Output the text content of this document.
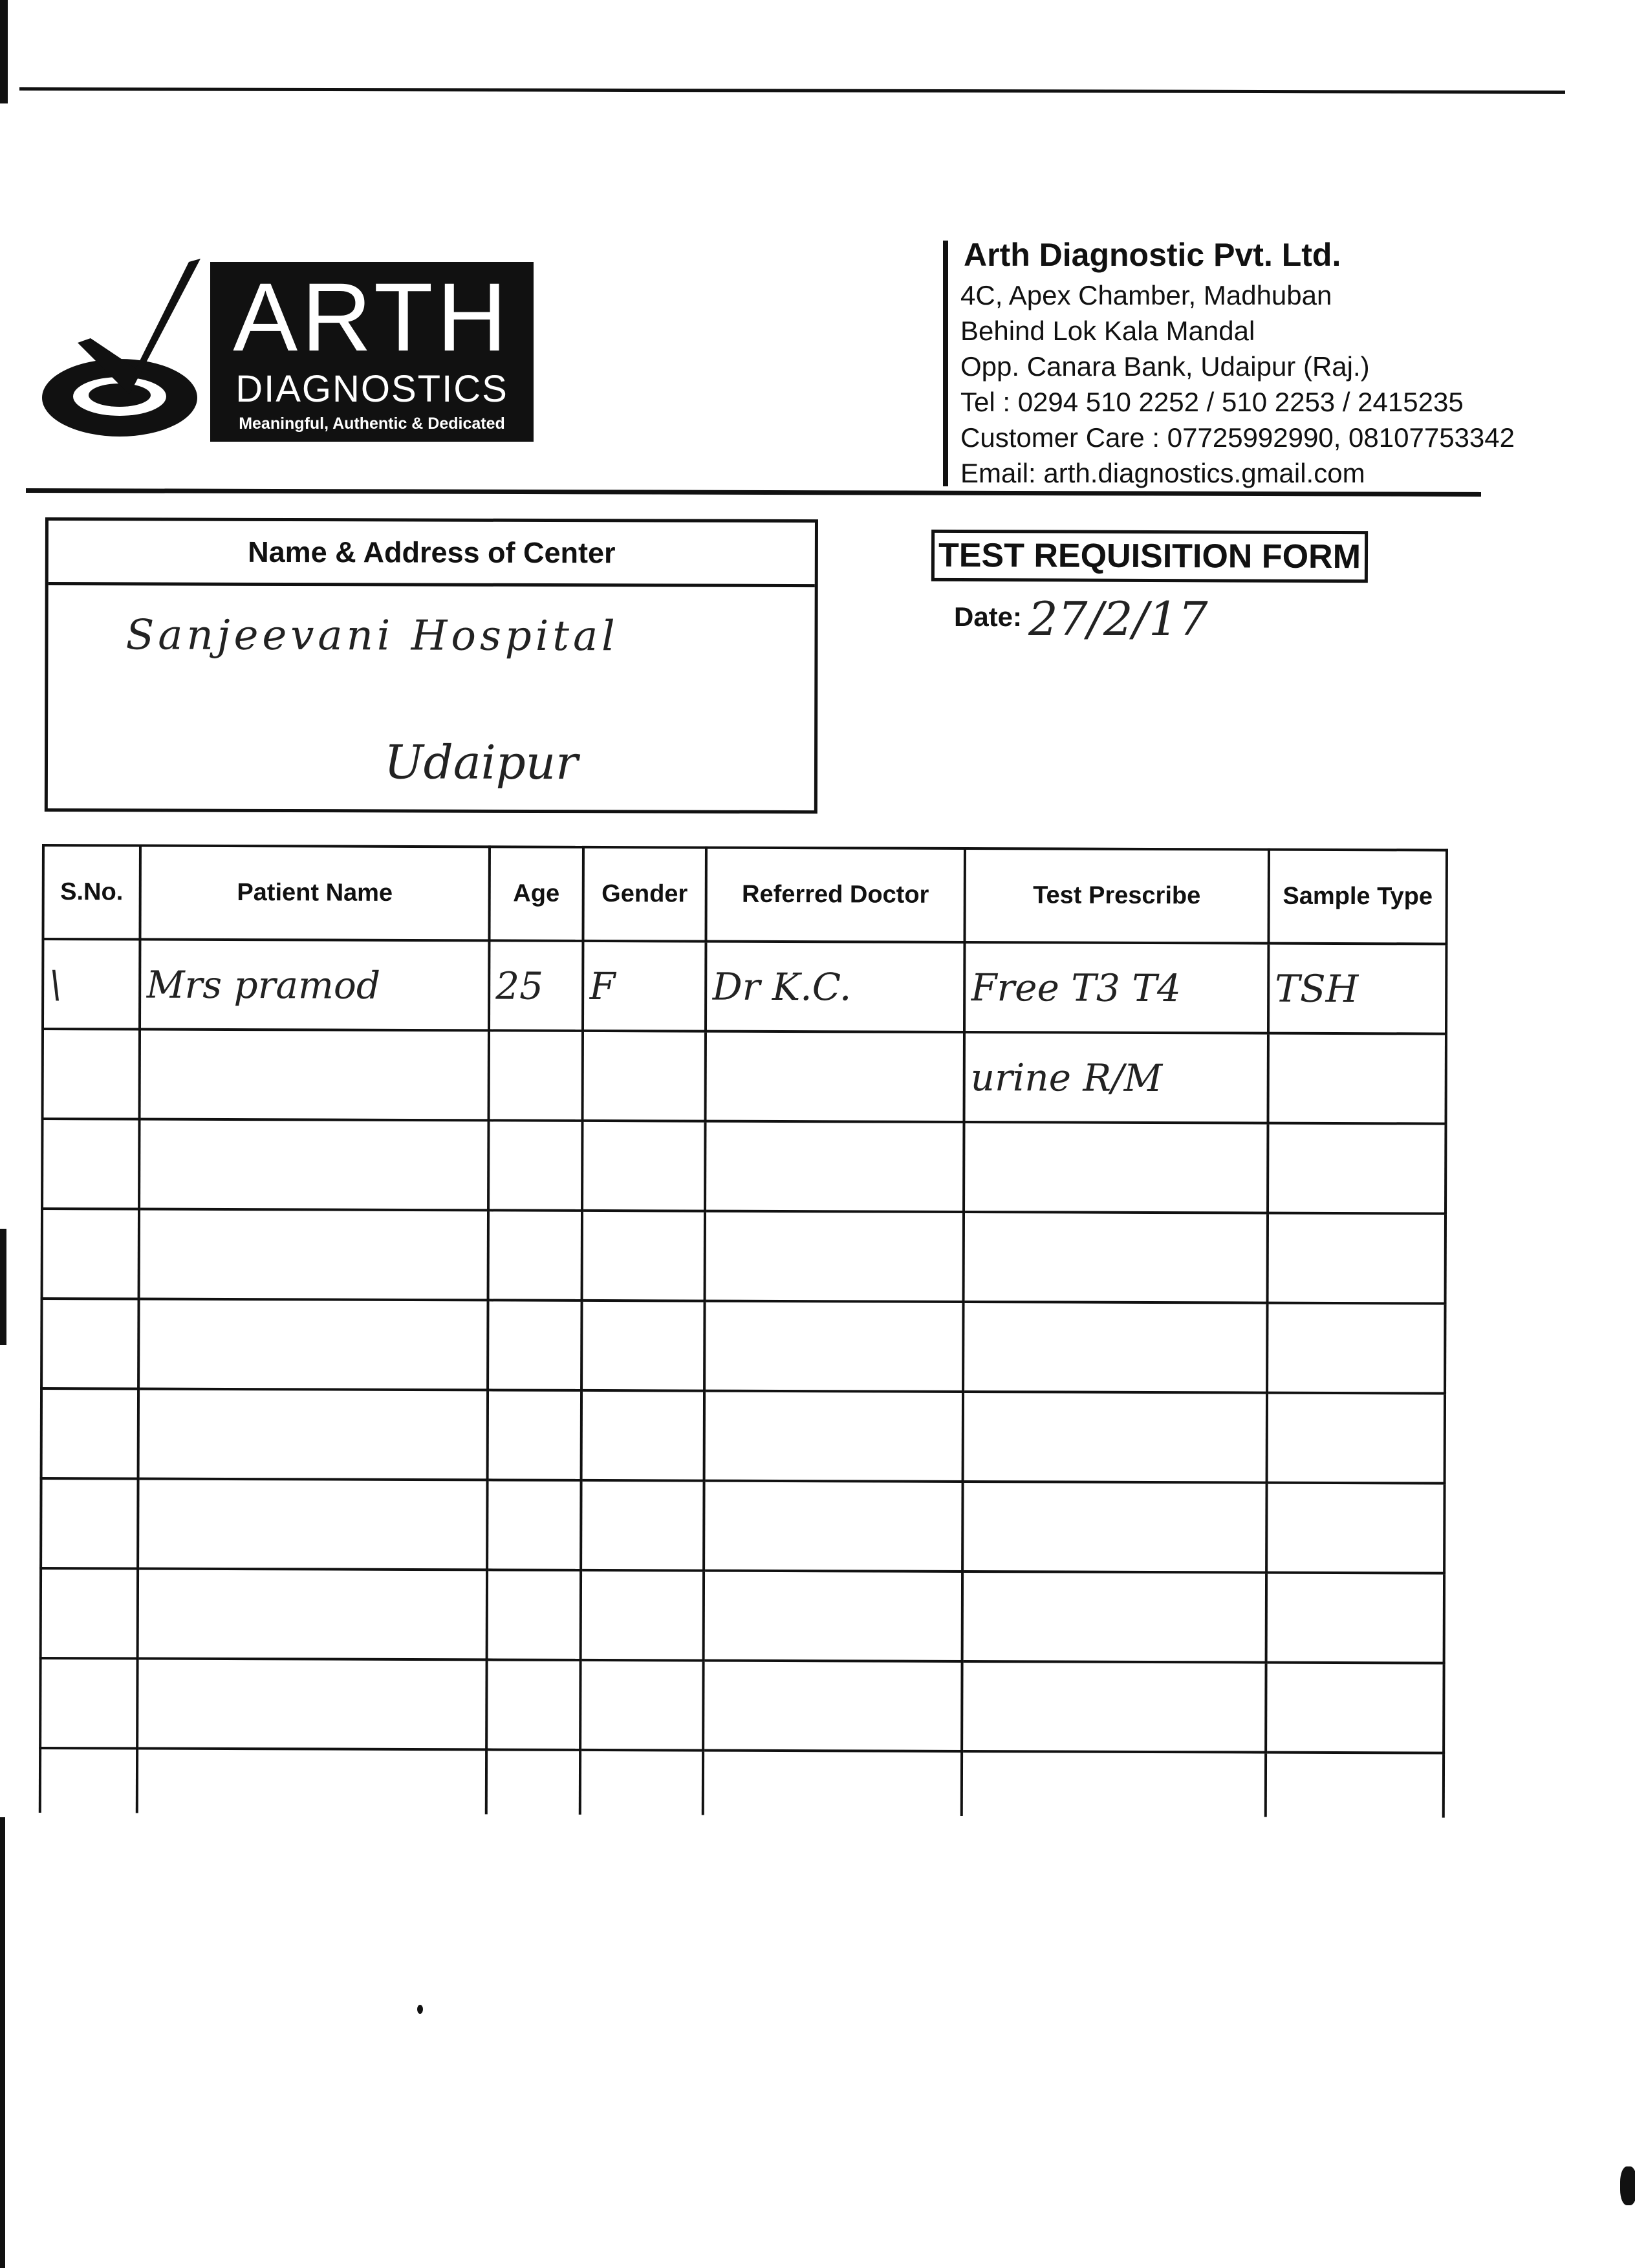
ARTH
DIAGNOSTICS
Meaningful, Authentic & Dedicated
Arth Diagnostic Pvt. Ltd.
4C, Apex Chamber, Madhuban
Behind Lok Kala Mandal
Opp. Canara Bank, Udaipur (Raj.)
Tel : 0294 510 2252 / 510 2253 / 2415235
Customer Care : 07725992990, 08107753342
Email: arth.diagnostics.gmail.com
Name & Address of Center
Sanjeevani Hospital
Udaipur
TEST REQUISITION FORM
Date: 27/2/17
S.No.	Patient Name	Age	Gender	Referred Doctor	Test Prescribe	Sample Type

\	Mrs pramod	25	F	Dr K.C.	Free T3 T4	TSH

					urine R/M	
